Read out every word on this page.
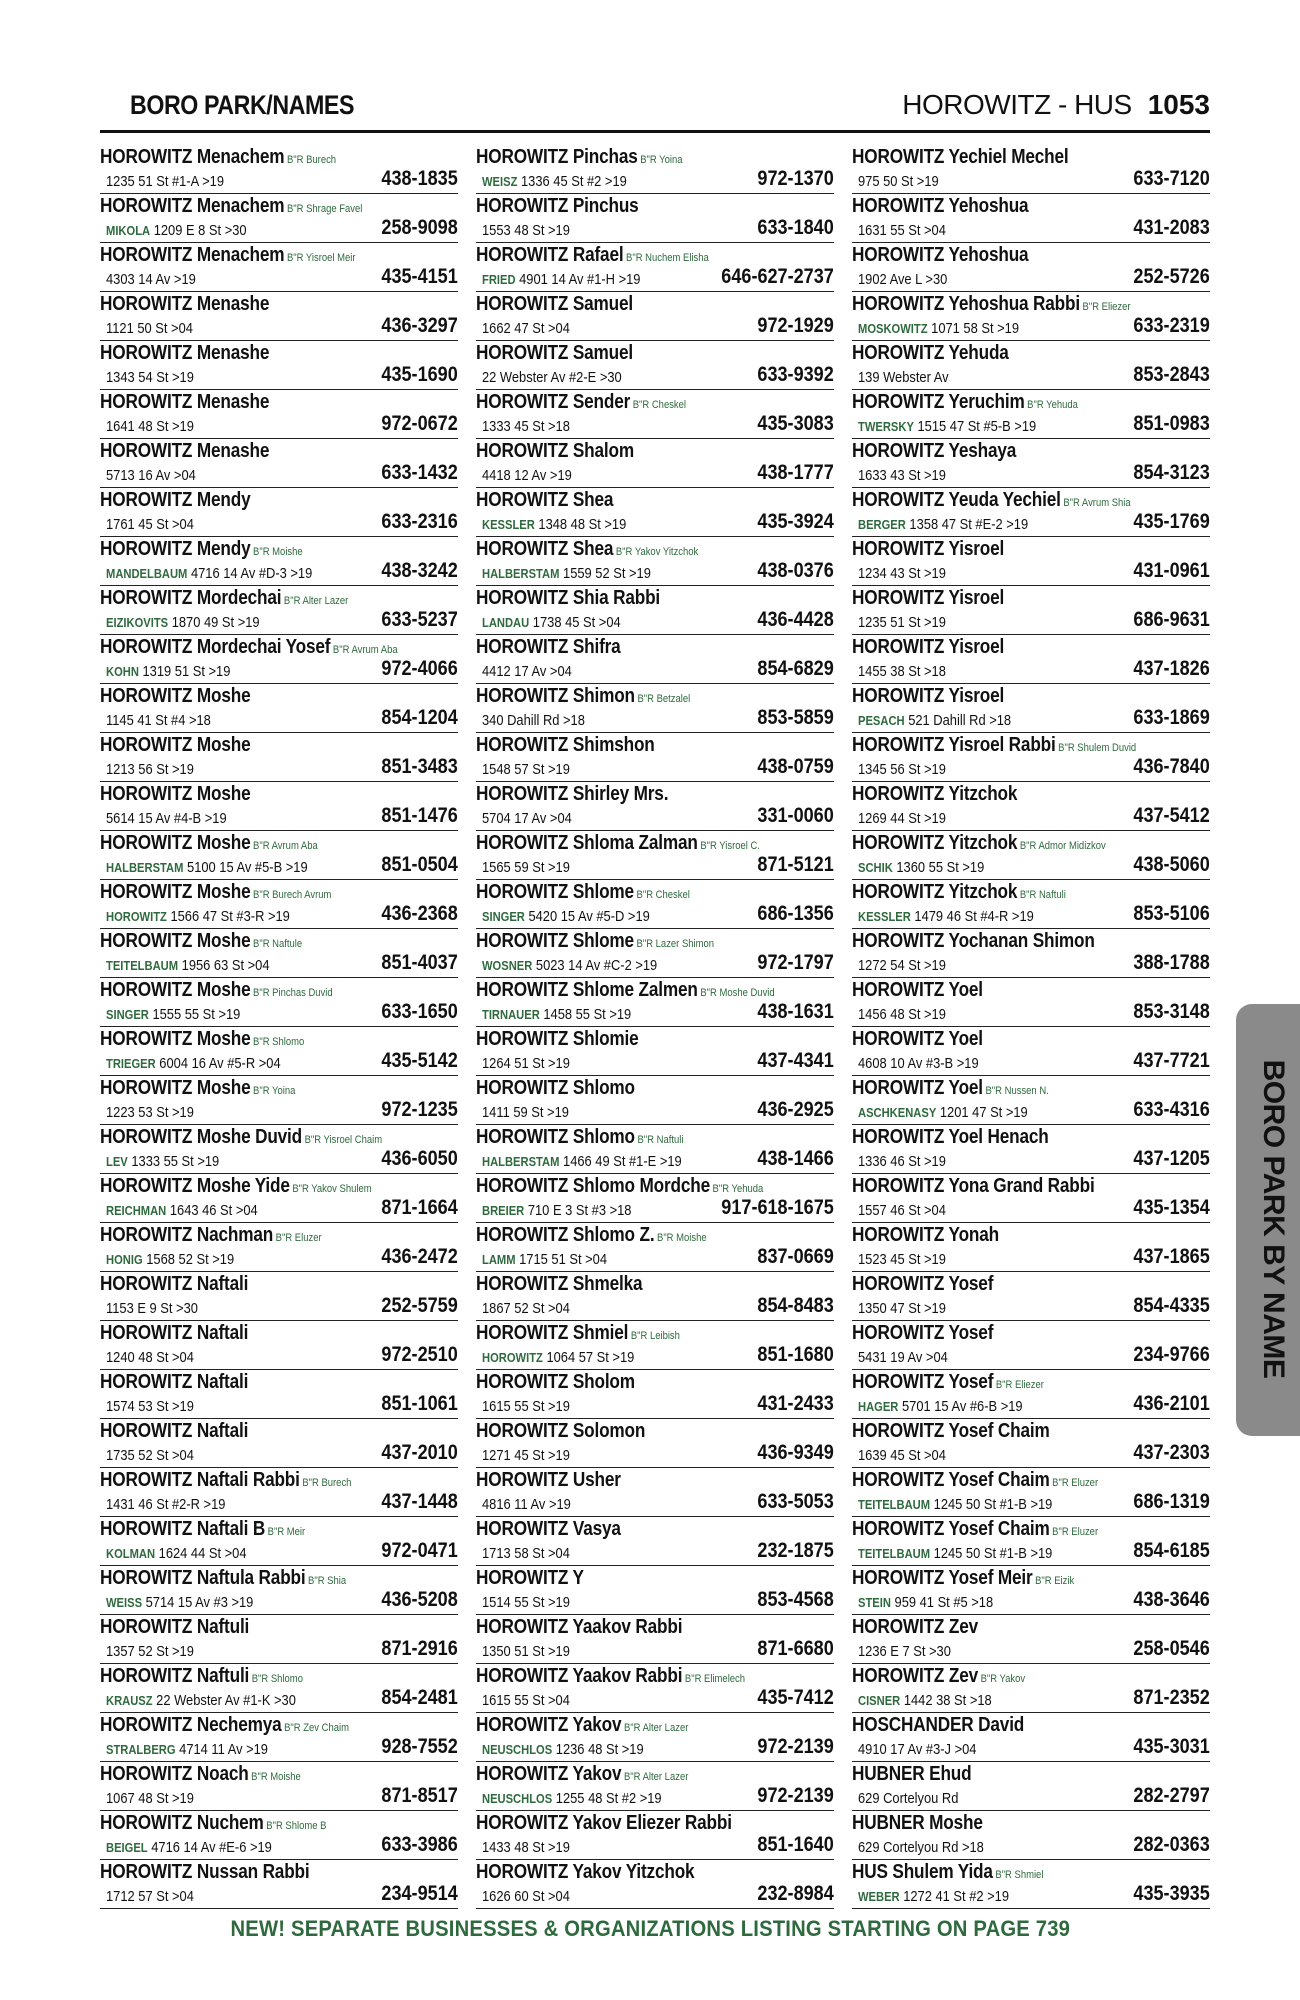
BORO PARK/NAMES	HOROWITZ - HUS 1053
HOROWITZ Menachem B"R Burech
1235 51 St #1-A >19	438-1835
HOROWITZ Menachem B"R Shrage Favel
MIKOLA 1209 E 8 St >30	258-9098
HOROWITZ Menachem B"R Yisroel Meir
4303 14 Av >19	435-4151
HOROWITZ Menashe
1121 50 St >04	436-3297
HOROWITZ Menashe
1343 54 St >19	435-1690
HOROWITZ Menashe
1641 48 St >19	972-0672
HOROWITZ Menashe
5713 16 Av >04	633-1432
HOROWITZ Mendy
1761 45 St >04	633-2316
HOROWITZ Mendy B"R Moishe
MANDELBAUM 4716 14 Av #D-3 >19	438-3242
HOROWITZ Mordechai B"R Alter Lazer
EIZIKOVITS 1870 49 St >19	633-5237
HOROWITZ Mordechai Yosef B"R Avrum Aba
KOHN 1319 51 St >19	972-4066
HOROWITZ Moshe
1145 41 St #4 >18	854-1204
HOROWITZ Moshe
1213 56 St >19	851-3483
HOROWITZ Moshe
5614 15 Av #4-B >19	851-1476
HOROWITZ Moshe B"R Avrum Aba
HALBERSTAM 5100 15 Av #5-B >19	851-0504
HOROWITZ Moshe B"R Burech Avrum
HOROWITZ 1566 47 St #3-R >19	436-2368
HOROWITZ Moshe B"R Naftule
TEITELBAUM 1956 63 St >04	851-4037
HOROWITZ Moshe B"R Pinchas Duvid
SINGER 1555 55 St >19	633-1650
HOROWITZ Moshe B"R Shlomo
TRIEGER 6004 16 Av #5-R >04	435-5142
HOROWITZ Moshe B"R Yoina
1223 53 St >19	972-1235
HOROWITZ Moshe Duvid B"R Yisroel Chaim
LEV 1333 55 St >19	436-6050
HOROWITZ Moshe Yide B"R Yakov Shulem
REICHMAN 1643 46 St >04	871-1664
HOROWITZ Nachman B"R Eluzer
HONIG 1568 52 St >19	436-2472
HOROWITZ Naftali
1153 E 9 St >30	252-5759
HOROWITZ Naftali
1240 48 St >04	972-2510
HOROWITZ Naftali
1574 53 St >19	851-1061
HOROWITZ Naftali
1735 52 St >04	437-2010
HOROWITZ Naftali Rabbi B"R Burech
1431 46 St #2-R >19	437-1448
HOROWITZ Naftali B B"R Meir
KOLMAN 1624 44 St >04	972-0471
HOROWITZ Naftula Rabbi B"R Shia
WEISS 5714 15 Av #3 >19	436-5208
HOROWITZ Naftuli
1357 52 St >19	871-2916
HOROWITZ Naftuli B"R Shlomo
KRAUSZ 22 Webster Av #1-K >30	854-2481
HOROWITZ Nechemya B"R Zev Chaim
STRALBERG 4714 11 Av >19	928-7552
HOROWITZ Noach B"R Moishe
1067 48 St >19	871-8517
HOROWITZ Nuchem B"R Shlome B
BEIGEL 4716 14 Av #E-6 >19	633-3986
HOROWITZ Nussan Rabbi
1712 57 St >04	234-9514
HOROWITZ Pinchas B"R Yoina
WEISZ 1336 45 St #2 >19	972-1370
HOROWITZ Pinchus
1553 48 St >19	633-1840
HOROWITZ Rafael B"R Nuchem Elisha
FRIED 4901 14 Av #1-H >19	646-627-2737
HOROWITZ Samuel
1662 47 St >04	972-1929
HOROWITZ Samuel
22 Webster Av #2-E >30	633-9392
HOROWITZ Sender B"R Cheskel
1333 45 St >18	435-3083
HOROWITZ Shalom
4418 12 Av >19	438-1777
HOROWITZ Shea
KESSLER 1348 48 St >19	435-3924
HOROWITZ Shea B"R Yakov Yitzchok
HALBERSTAM 1559 52 St >19	438-0376
HOROWITZ Shia Rabbi
LANDAU 1738 45 St >04	436-4428
HOROWITZ Shifra
4412 17 Av >04	854-6829
HOROWITZ Shimon B"R Betzalel
340 Dahill Rd >18	853-5859
HOROWITZ Shimshon
1548 57 St >19	438-0759
HOROWITZ Shirley Mrs.
5704 17 Av >04	331-0060
HOROWITZ Shloma Zalman B"R Yisroel C.
1565 59 St >19	871-5121
HOROWITZ Shlome B"R Cheskel
SINGER 5420 15 Av #5-D >19	686-1356
HOROWITZ Shlome B"R Lazer Shimon
WOSNER 5023 14 Av #C-2 >19	972-1797
HOROWITZ Shlome Zalmen B"R Moshe Duvid
TIRNAUER 1458 55 St >19	438-1631
HOROWITZ Shlomie
1264 51 St >19	437-4341
HOROWITZ Shlomo
1411 59 St >19	436-2925
HOROWITZ Shlomo B"R Naftuli
HALBERSTAM 1466 49 St #1-E >19	438-1466
HOROWITZ Shlomo Mordche B"R Yehuda
BREIER 710 E 3 St #3 >18	917-618-1675
HOROWITZ Shlomo Z. B"R Moishe
LAMM 1715 51 St >04	837-0669
HOROWITZ Shmelka
1867 52 St >04	854-8483
HOROWITZ Shmiel B"R Leibish
HOROWITZ 1064 57 St >19	851-1680
HOROWITZ Sholom
1615 55 St >19	431-2433
HOROWITZ Solomon
1271 45 St >19	436-9349
HOROWITZ Usher
4816 11 Av >19	633-5053
HOROWITZ Vasya
1713 58 St >04	232-1875
HOROWITZ Y
1514 55 St >19	853-4568
HOROWITZ Yaakov Rabbi
1350 51 St >19	871-6680
HOROWITZ Yaakov Rabbi B"R Elimelech
1615 55 St >04	435-7412
HOROWITZ Yakov B"R Alter Lazer
NEUSCHLOS 1236 48 St >19	972-2139
HOROWITZ Yakov B"R Alter Lazer
NEUSCHLOS 1255 48 St #2 >19	972-2139
HOROWITZ Yakov Eliezer Rabbi
1433 48 St >19	851-1640
HOROWITZ Yakov Yitzchok
1626 60 St >04	232-8984
HOROWITZ Yechiel Mechel
975 50 St >19	633-7120
HOROWITZ Yehoshua
1631 55 St >04	431-2083
HOROWITZ Yehoshua
1902 Ave L >30	252-5726
HOROWITZ Yehoshua Rabbi B"R Eliezer
MOSKOWITZ 1071 58 St >19	633-2319
HOROWITZ Yehuda
139 Webster Av	853-2843
HOROWITZ Yeruchim B"R Yehuda
TWERSKY 1515 47 St #5-B >19	851-0983
HOROWITZ Yeshaya
1633 43 St >19	854-3123
HOROWITZ Yeuda Yechiel B"R Avrum Shia
BERGER 1358 47 St #E-2 >19	435-1769
HOROWITZ Yisroel
1234 43 St >19	431-0961
HOROWITZ Yisroel
1235 51 St >19	686-9631
HOROWITZ Yisroel
1455 38 St >18	437-1826
HOROWITZ Yisroel
PESACH 521 Dahill Rd >18	633-1869
HOROWITZ Yisroel Rabbi B"R Shulem Duvid
1345 56 St >19	436-7840
HOROWITZ Yitzchok
1269 44 St >19	437-5412
HOROWITZ Yitzchok B"R Admor Midizkov
SCHIK 1360 55 St >19	438-5060
HOROWITZ Yitzchok B"R Naftuli
KESSLER 1479 46 St #4-R >19	853-5106
HOROWITZ Yochanan Shimon
1272 54 St >19	388-1788
HOROWITZ Yoel
1456 48 St >19	853-3148
HOROWITZ Yoel
4608 10 Av #3-B >19	437-7721
HOROWITZ Yoel B"R Nussen N.
ASCHKENASY 1201 47 St >19	633-4316
HOROWITZ Yoel Henach
1336 46 St >19	437-1205
HOROWITZ Yona Grand Rabbi
1557 46 St >04	435-1354
HOROWITZ Yonah
1523 45 St >19	437-1865
HOROWITZ Yosef
1350 47 St >19	854-4335
HOROWITZ Yosef
5431 19 Av >04	234-9766
HOROWITZ Yosef B"R Eliezer
HAGER 5701 15 Av #6-B >19	436-2101
HOROWITZ Yosef Chaim
1639 45 St >04	437-2303
HOROWITZ Yosef Chaim B"R Eluzer
TEITELBAUM 1245 50 St #1-B >19	686-1319
HOROWITZ Yosef Chaim B"R Eluzer
TEITELBAUM 1245 50 St #1-B >19	854-6185
HOROWITZ Yosef Meir B"R Eizik
STEIN 959 41 St #5 >18	438-3646
HOROWITZ Zev
1236 E 7 St >30	258-0546
HOROWITZ Zev B"R Yakov
CISNER 1442 38 St >18	871-2352
HOSCHANDER David
4910 17 Av #3-J >04	435-3031
HUBNER Ehud
629 Cortelyou Rd	282-2797
HUBNER Moshe
629 Cortelyou Rd >18	282-0363
HUS Shulem Yida B"R Shmiel
WEBER 1272 41 St #2 >19	435-3935
BORO PARK BY NAME
NEW! SEPARATE BUSINESSES & ORGANIZATIONS LISTING STARTING ON PAGE 739
